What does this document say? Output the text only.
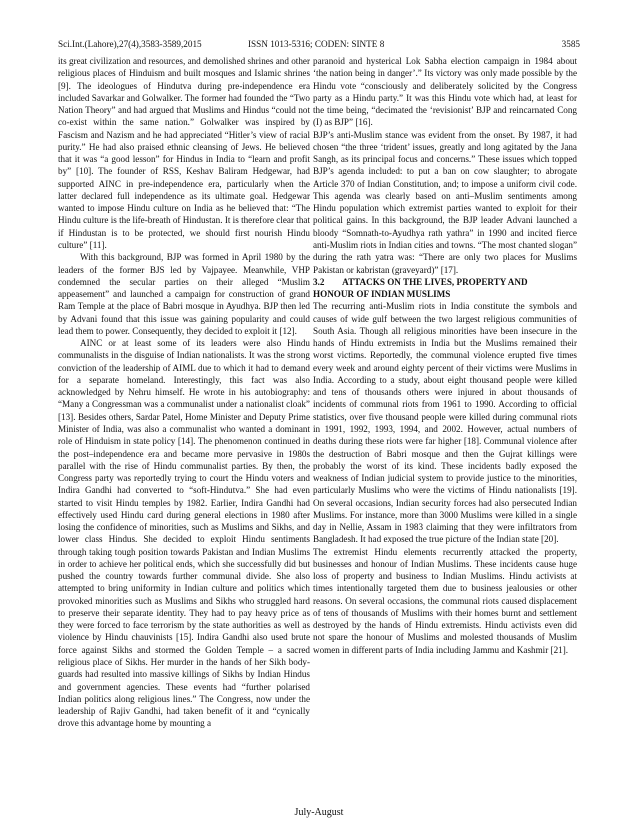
Sci.Int.(Lahore),27(4),3583-3589,2015	ISSN 1013-5316; CODEN: SINTE 8	3585

its great civilization and resources, and demolished shrines and other religious places of Hinduism and built mosques and Islamic shrines [9]. The ideologues of Hindutva during pre-independence era included Savarkar and Golwalker. The former had founded the “Two Nation Theory” and had argued that Muslims and Hindus “could not co-exist within the same nation.” Golwalker was inspired by Fascism and Nazism and he had appreciated “Hitler’s view of racial purity.” He had also praised ethnic cleansing of Jews. He believed that it was “a good lesson” for Hindus in India to “learn and profit by” [10]. The founder of RSS, Keshav Baliram Hedgewar, had supported AINC in pre-independence era, particularly when the latter declared full independence as its ultimate goal. Hedgewar wanted to impose Hindu culture on India as he believed that: “The Hindu culture is the life-breath of Hindustan. It is therefore clear that if Hindustan is to be protected, we should first nourish Hindu culture” [11].

With this background, BJP was formed in April 1980 by the leaders of the former BJS led by Vajpayee. Meanwhile, VHP condemned the secular parties on their alleged “Muslim appeasement” and launched a campaign for construction of grand Ram Temple at the place of Babri mosque in Ayudhya. BJP then led by Advani found that this issue was gaining popularity and could lead them to power. Consequently, they decided to exploit it [12].

AINC or at least some of its leaders were also Hindu communalists in the disguise of Indian nationalists. It was the strong conviction of the leadership of AIML due to which it had to demand for a separate homeland. Interestingly, this fact was also acknowledged by Nehru himself. He wrote in his autobiography: “Many a Congressman was a communalist under a nationalist cloak” [13]. Besides others, Sardar Patel, Home Minister and Deputy Prime Minister of India, was also a communalist who wanted a dominant role of Hinduism in state policy [14]. The phenomenon continued in the post–independence era and became more pervasive in 1980s parallel with the rise of Hindu communalist parties. By then, the Congress party was reportedly trying to court the Hindu voters and Indira Gandhi had converted to “soft-Hindutva.” She had even started to visit Hindu temples by 1982. Earlier, Indira Gandhi had effectively used Hindu card during general elections in 1980 after losing the confidence of minorities, such as Muslims and Sikhs, and lower class Hindus. She decided to exploit Hindu sentiments through taking tough position towards Pakistan and Indian Muslims in order to achieve her political ends, which she successfully did but pushed the country towards further communal divide. She also attempted to bring uniformity in Indian culture and politics which provoked minorities such as Muslims and Sikhs who struggled hard to preserve their separate identity. They had to pay heavy price as they were forced to face terrorism by the state authorities as well as violence by Hindu chauvinists [15]. Indira Gandhi also used brute force against Sikhs and stormed the Golden Temple – a sacred religious place of Sikhs. Her murder in the hands of her Sikh body-guards had resulted into massive killings of Sikhs by Indian Hindus and government agencies. These events had “further polarised Indian politics along religious lines.” The Congress, now under the leadership of Rajiv Gandhi, had taken benefit of it and “cynically drove this advantage home by mounting a

paranoid and hysterical Lok Sabha election campaign in 1984 about ‘the nation being in danger’.” Its victory was only made possible by the Hindu vote “consciously and deliberately solicited by the Congress party as a Hindu party.” It was this Hindu vote which had, at least for the time being, “decimated the ‘revisionist’ BJP and reincarnated Cong (I) as BJP” [16].

BJP’s anti-Muslim stance was evident from the onset. By 1987, it had chosen “the three ‘trident’ issues, greatly and long agitated by the Jana Sangh, as its principal focus and concerns.” These issues which topped BJP’s agenda included: to put a ban on cow slaughter; to abrogate Article 370 of Indian Constitution, and; to impose a uniform civil code. This agenda was clearly based on anti–Muslim sentiments among Hindu population which extremist parties wanted to exploit for their political gains. In this background, the BJP leader Advani launched a bloody “Somnath-to-Ayudhya rath yathra” in 1990 and incited fierce anti-Muslim riots in Indian cities and towns. “The most chanted slogan” during the rath yatra was: “There are only two places for Muslims Pakistan or kabristan (graveyard)” [17].

3.2        ATTACKS ON THE LIVES, PROPERTY AND
HONOUR OF INDIAN MUSLIMS

The recurring anti-Muslim riots in India constitute the symbols and causes of wide gulf between the two largest religious communities of South Asia. Though all religious minorities have been insecure in the hands of Hindu extremists in India but the Muslims remained their worst victims. Reportedly, the communal violence erupted five times every week and around eighty percent of their victims were Muslims in India. According to a study, about eight thousand people were killed and tens of thousands others were injured in about thousands of incidents of communal riots from 1961 to 1990. According to official statistics, over five thousand people were killed during communal riots in 1991, 1992, 1993, 1994, and 2002. However, actual numbers of deaths during these riots were far higher [18]. Communal violence after the destruction of Babri mosque and then the Gujrat killings were probably the worst of its kind. These incidents badly exposed the weakness of Indian judicial system to provide justice to the minorities, particularly Muslims who were the victims of Hindu nationalists [19]. On several occasions, Indian security forces had also persecuted Indian Muslims. For instance, more than 3000 Muslims were killed in a single day in Nellie, Assam in 1983 claiming that they were infiltrators from Bangladesh. It had exposed the true picture of the Indian state [20].

The extremist Hindu elements recurrently attacked the property, businesses and honour of Indian Muslims. These incidents cause huge loss of property and business to Indian Muslims. Hindu activists at times intentionally targeted them due to business jealousies or other reasons. On several occasions, the communal riots caused displacement of tens of thousands of Muslims with their homes burnt and settlement destroyed by the hands of Hindu extremists. Hindu activists even did not spare the honour of Muslims and molested thousands of Muslim women in different parts of India including Jammu and Kashmir [21].

July-August
